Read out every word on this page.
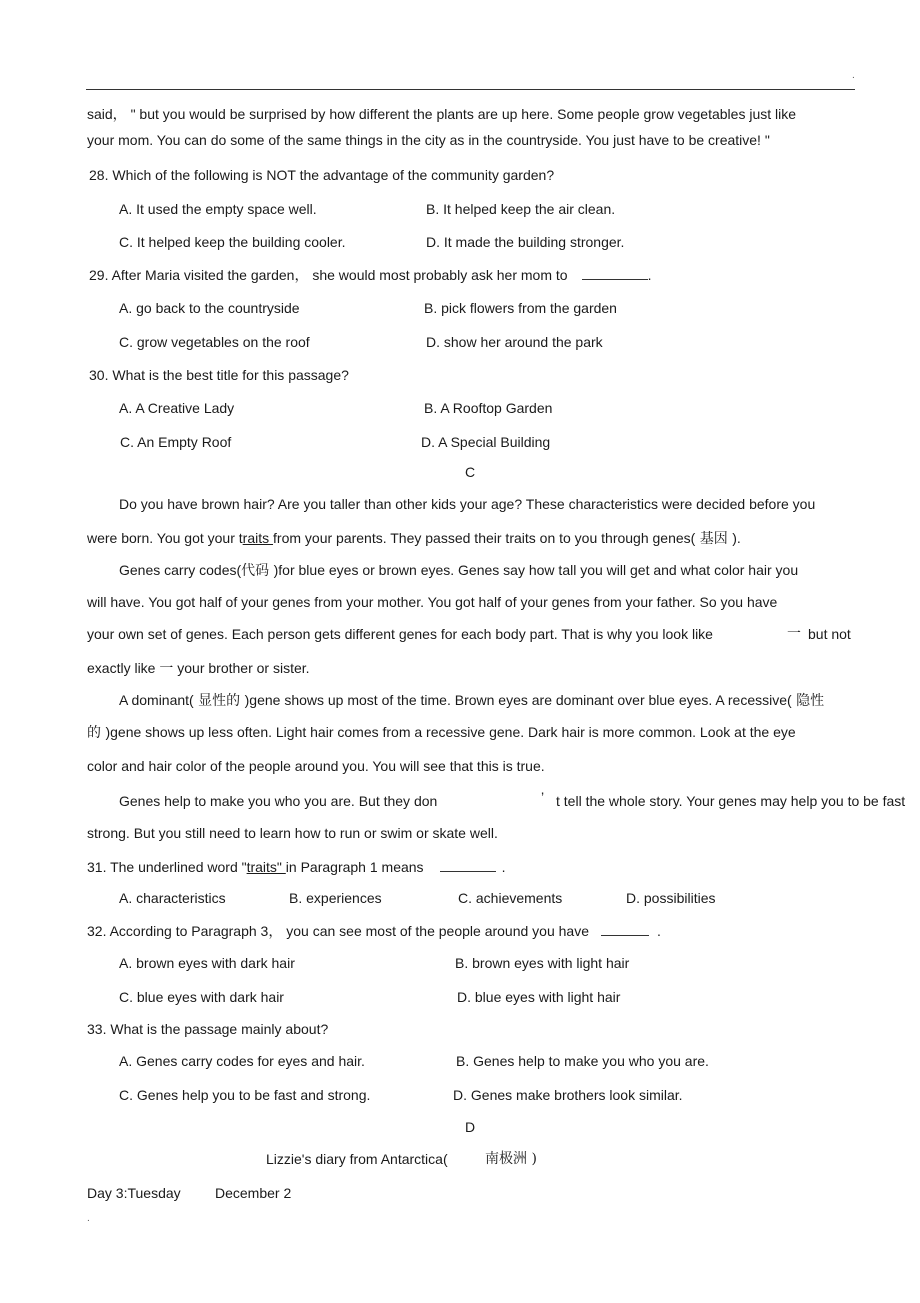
.
said， " but you would be surprised by how different the plants are up here. Some people grow vegetables just like
your mom. You can do some of the same things in the city as in the countryside. You just have to be creative! "
28. Which of the following is NOT the advantage of the community garden?
A. It used the empty space well.	B. It helped keep the air clean.
C. It helped keep the building cooler.	D. It made the building stronger.
29. After Maria visited the garden， she would most probably ask her mom to	.
A. go back to the countryside	B. pick flowers from the garden
C. grow vegetables on the roof	D. show her around the park
30. What is the best title for this passage?
A. A Creative Lady	B. A Rooftop Garden
C. An Empty Roof	D. A Special Building
C
Do you have brown hair? Are you taller than other kids your age? These characteristics were decided before you
were born. You got your traits from your parents. They passed their traits on to you through genes( 基因 ).
Genes carry codes(代码 )for blue eyes or brown eyes. Genes say how tall you will get and what color hair you
will have. You got half of your genes from your mother. You got half of your genes from your father. So you have
your own set of genes. Each person gets different genes for each body part. That is why you look like	一 but not
exactly like 一 your brother or sister.
A dominant( 显性的 )gene shows up most of the time. Brown eyes are dominant over blue eyes. A recessive( 隐性
的 )gene shows up less often. Light hair comes from a recessive gene. Dark hair is more common. Look at the eye
color and hair color of the people around you. You will see that this is true.
Genes help to make you who you are. But they don	’ t tell the whole story. Your genes may help you to be fast
strong. But you still need to learn how to run or swim or skate well.
31. The underlined word "traits" in Paragraph 1 means	.
A. characteristics	B. experiences	C. achievements	D. possibilities
32. According to Paragraph 3， you can see most of the people around you have	.
A. brown eyes with dark hair	B. brown eyes with light hair
C. blue eyes with dark hair	D. blue eyes with light hair
33. What is the passage mainly about?
A. Genes carry codes for eyes and hair.	B. Genes help to make you who you are.
C. Genes help you to be fast and strong.	D. Genes make brothers look similar.
D
Lizzie's diary from Antarctica(	南极洲 )
Day 3:Tuesday December 2
.
